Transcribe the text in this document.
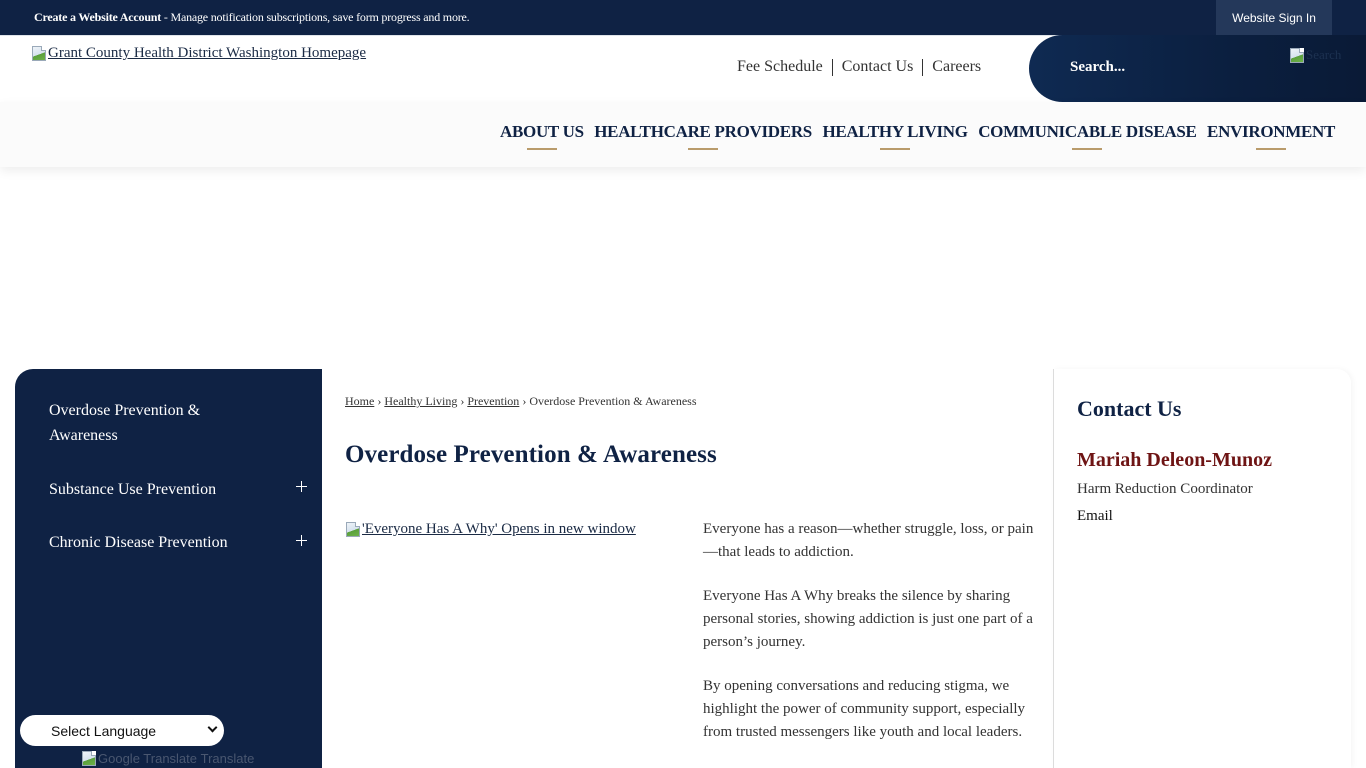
Create a Website Account - Manage notification subscriptions, save form progress and more.	Website Sign In
Grant County Health District Washington Homepage
Fee Schedule Contact Us Careers	Search...
Search
ABOUT US HEALTHCARE PROVIDERS HEALTHY LIVING COMMUNICABLE DISEASE ENVIRONMENT
Overdose Prevention & Awareness
Substance Use Prevention
Chronic Disease Prevention
Select Language
Google Translate
Translate
Home › Healthy Living › Prevention › Overdose Prevention & Awareness
Overdose Prevention & Awareness
'Everyone Has A Why' Opens in new window	Everyone has a reason—whether struggle, loss, or pain—that leads to addiction.

Everyone Has A Why breaks the silence by sharing personal stories, showing addiction is just one part of a person’s journey.

By opening conversations and reducing stigma, we highlight the power of community support, especially from trusted messengers like youth and local leaders.

Contact Us
Mariah Deleon-Munoz
Harm Reduction Coordinator
Email
